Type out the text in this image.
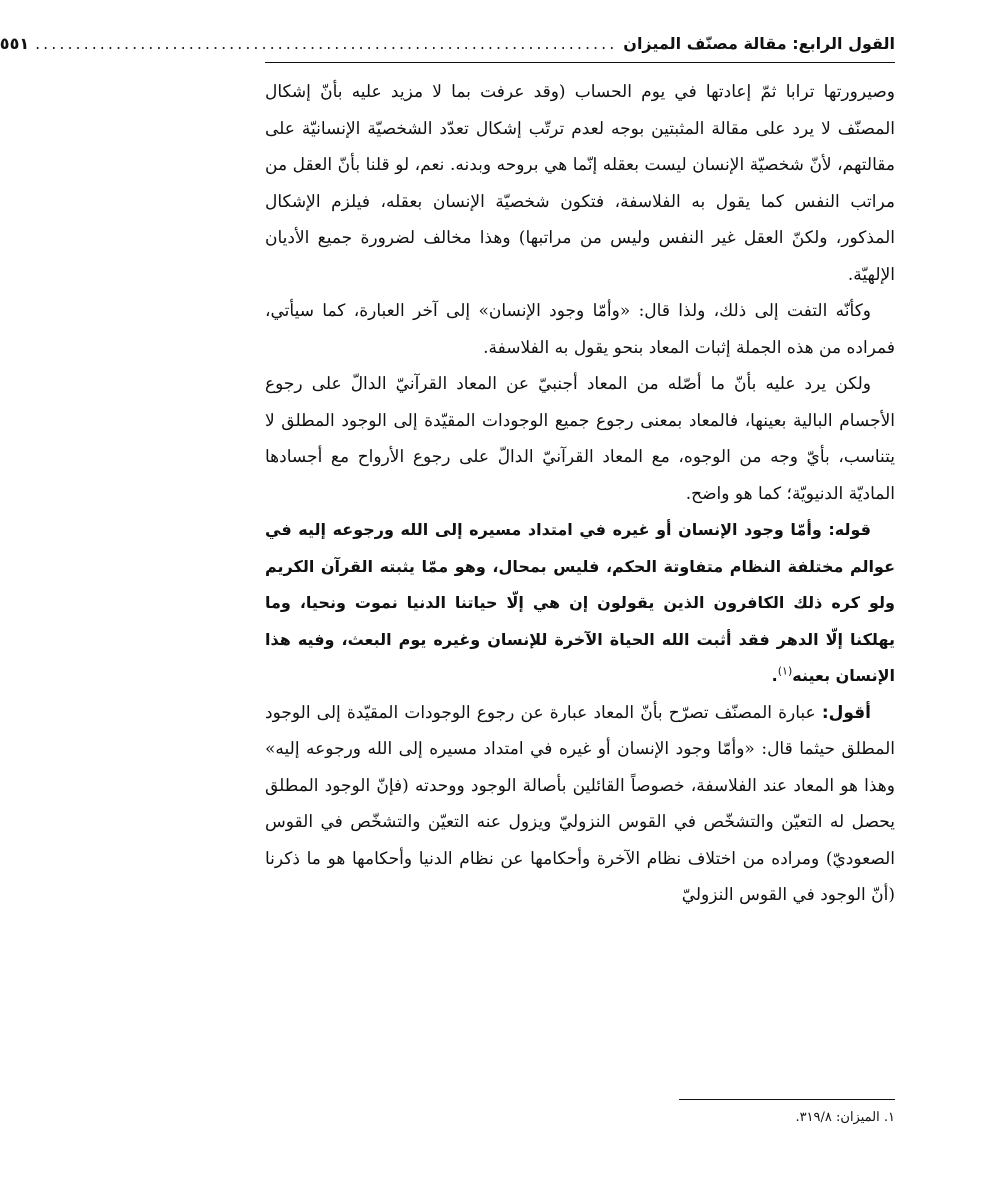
القول الرابع: مقالة مصنّف الميزان
........................................................................
٥٥١

وصيرورتها ترابا ثمّ إعادتها في يوم الحساب (وقد عرفت بما لا مزيد عليه بأنّ إشكال المصنّف لا يرد على مقالة المثبتين بوجه لعدم ترتّب إشكال تعدّد الشخصيّة الإنسانيّة على مقالتهم، لأنّ شخصيّة الإنسان ليست بعقله إنّما هي بروحه وبدنه. نعم، لو قلنا بأنّ العقل من مراتب النفس كما يقول به الفلاسفة، فتكون شخصيّة الإنسان بعقله، فيلزم الإشكال المذكور، ولكنّ العقل غير النفس وليس من مراتبها) وهذا مخالف لضرورة جميع الأديان الإلهيّة.

وكأنّه التفت إلى ذلك، ولذا قال: «وأمّا وجود الإنسان» إلى آخر العبارة، كما سيأتي، فمراده من هذه الجملة إثبات المعاد بنحو يقول به الفلاسفة.

ولكن يرد عليه بأنّ ما أصّله من المعاد أجنبيّ عن المعاد القرآنيّ الدالّ على رجوع الأجسام البالية بعينها، فالمعاد بمعنى رجوع جميع الوجودات المقيّدة إلى الوجود المطلق لا يتناسب، بأيّ وجه من الوجوه، مع المعاد القرآنيّ الدالّ على رجوع الأرواح مع أجسادها الماديّة الدنيويّة؛ كما هو واضح.

قوله: وأمّا وجود الإنسان أو غيره في امتداد مسيره إلى الله ورجوعه إليه في عوالم مختلفة النظام متفاوتة الحكم، فليس بمحال، وهو ممّا يثبته القرآن الكريم ولو كره ذلك الكافرون الذين يقولون إن هي إلّا حياتنا الدنيا نموت ونحيا، وما يهلكنا إلّا الدهر فقد أثبت الله الحياة الآخرة للإنسان وغيره يوم البعث، وفيه هذا الإنسان بعينه$^{(١)}$.

أقول: عبارة المصنّف تصرّح بأنّ المعاد عبارة عن رجوع الوجودات المقيّدة إلى الوجود المطلق حيثما قال: «وأمّا وجود الإنسان أو غيره في امتداد مسيره إلى الله ورجوعه إليه» وهذا هو المعاد عند الفلاسفة، خصوصاً القائلين بأصالة الوجود ووحدته (فإنّ الوجود المطلق يحصل له التعيّن والتشخّص في القوس النزوليّ ويزول عنه التعيّن والتشخّص في القوس الصعوديّ) ومراده من اختلاف نظام الآخرة وأحكامها عن نظام الدنيا وأحكامها هو ما ذكرنا (أنّ الوجود في القوس النزوليّ

١. الميزان: ٣١٩/٨.
